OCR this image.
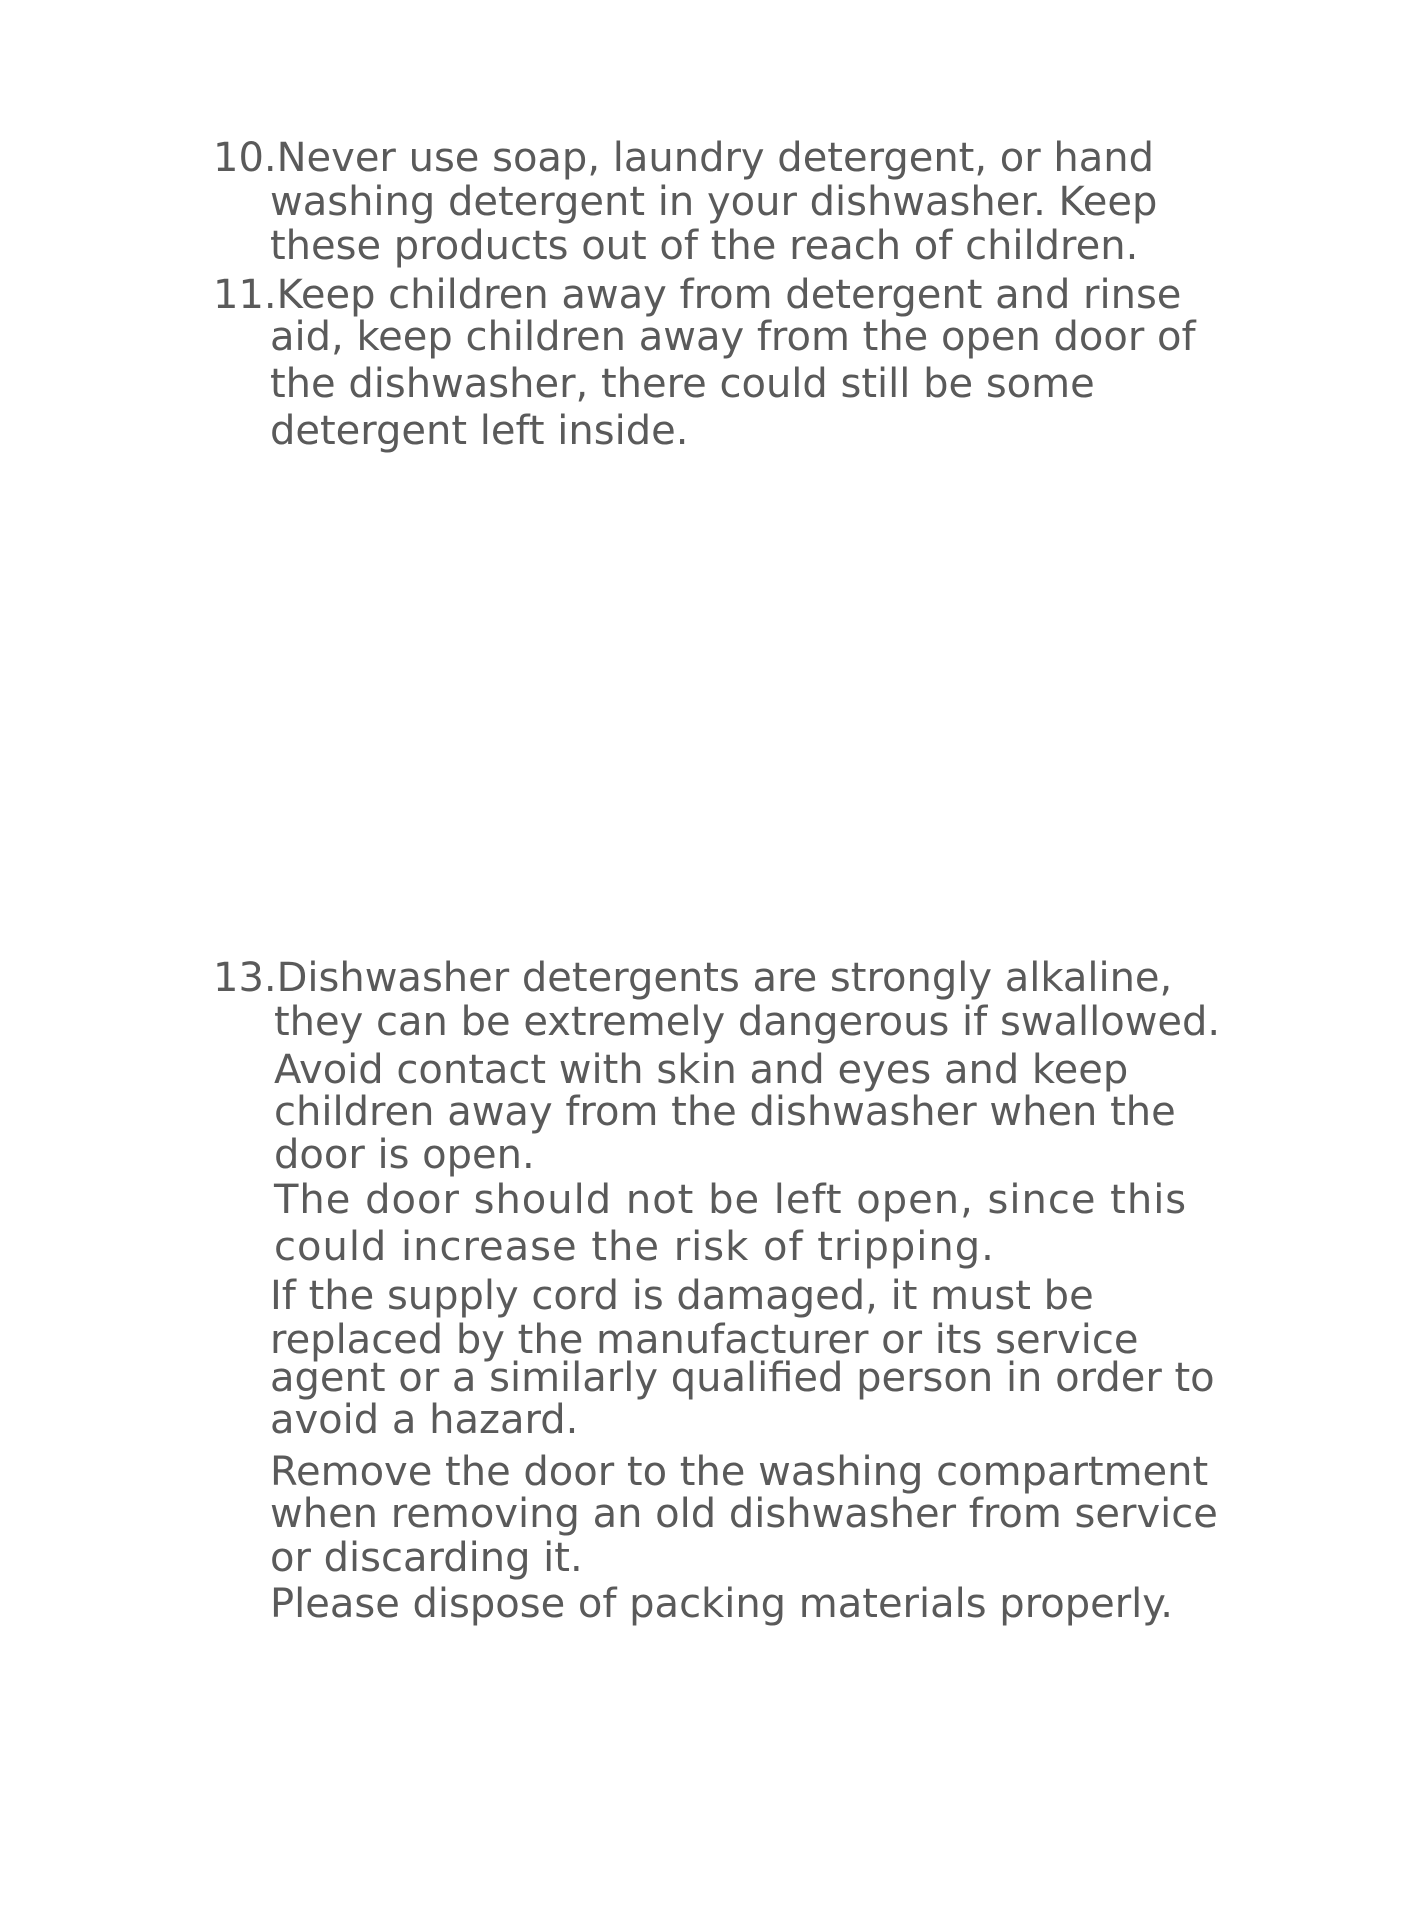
10.Never use soap, laundry detergent, or hand
washing detergent in your dishwasher. Keep
these products out of the reach of children.
11.Keep children away from detergent and rinse
aid, keep children away from the open door of
the dishwasher, there could still be some
detergent left inside.
13.Dishwasher detergents are strongly alkaline,
they can be extremely dangerous if swallowed.
Avoid contact with skin and eyes and keep
children away from the dishwasher when the
door is open.
The door should not be left open, since this
could increase the risk of tripping.
If the supply cord is damaged, it must be
replaced by the manufacturer or its service
agent or a similarly qualified person in order to
avoid a hazard.
Remove the door to the washing compartment
when removing an old dishwasher from service
or discarding it.
Please dispose of packing materials properly.
